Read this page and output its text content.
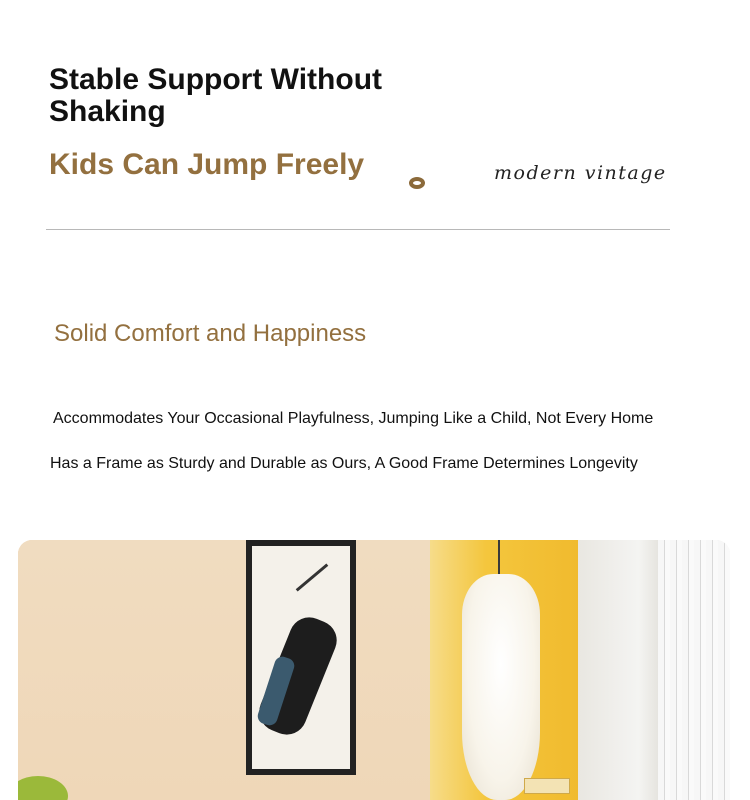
Stable Support Without Shaking
Kids Can Jump Freely	modern vintage
Solid Comfort and Happiness

Accommodates Your Occasional Playfulness, Jumping Like a Child, Not Every Home

Has a Frame as Sturdy and Durable as Ours, A Good Frame Determines Longevity
